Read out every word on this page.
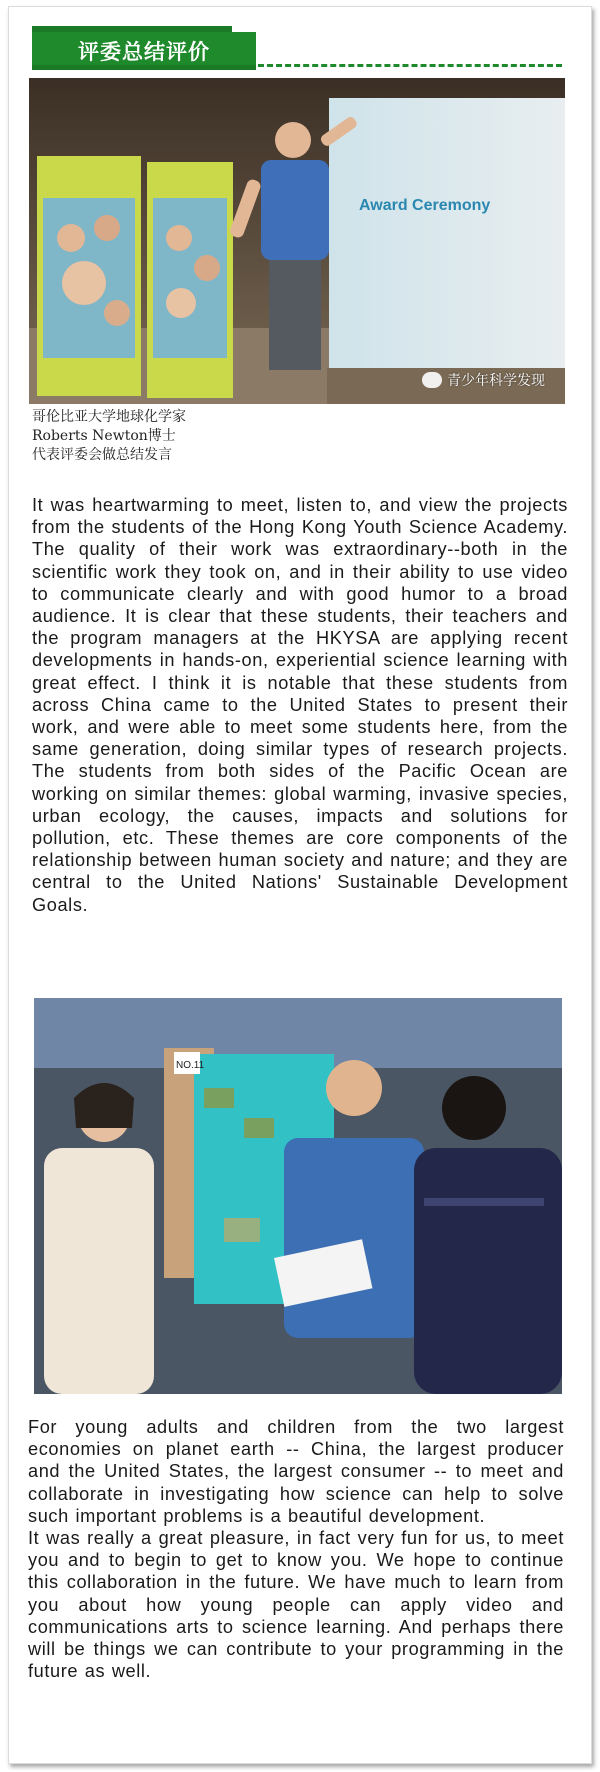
评委总结评价
Award Ceremony
青少年科学发现
哥伦比亚大学地球化学家
Roberts Newton博士
代表评委会做总结发言

It was heartwarming to meet, listen to, and view the projects from the students of the Hong Kong Youth Science Academy. The quality of their work was extraordinary--both in the scientific work they took on, and in their ability to use video to communicate clearly and with good humor to a broad audience. It is clear that these students, their teachers and the program managers at the HKYSA are applying recent developments in hands-on, experiential science learning with great effect. I think it is notable that these students from across China came to the United States to present their work, and were able to meet some students here, from the same generation, doing similar types of research projects. The students from both sides of the Pacific Ocean are working on similar themes: global warming, invasive species, urban ecology, the causes, impacts and solutions for pollution, etc. These themes are core components of the relationship between human society and nature; and they are central to the United Nations' Sustainable Development Goals.

NO.11

For young adults and children from the two largest economies on planet earth -- China, the largest producer and the United States, the largest consumer -- to meet and collaborate in investigating how science can help to solve such important problems is a beautiful development.

It was really a great pleasure, in fact very fun for us, to meet you and to begin to get to know you. We hope to continue this collaboration in the future. We have much to learn from you about how young people can apply video and communications arts to science learning. And perhaps there will be things we can contribute to your programming in the future as well.
